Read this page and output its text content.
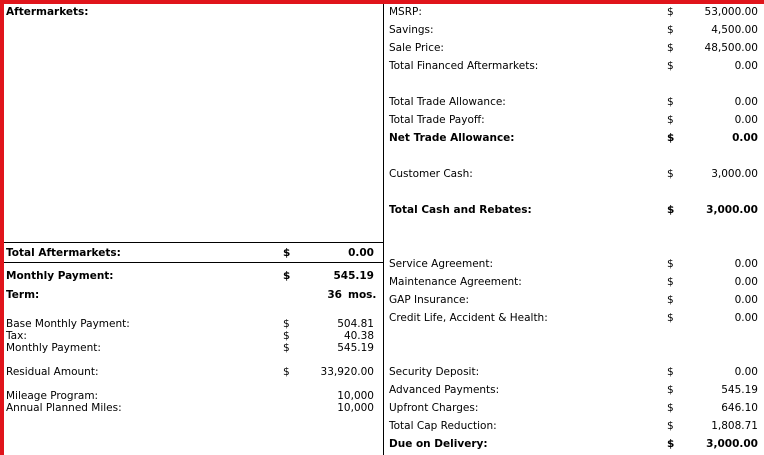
Aftermarkets:
Total Aftermarkets:	$	0.00
Monthly Payment:	$	545.19
Term:	36 mos.
Base Monthly Payment:	$	504.81
Tax:	$	40.38
Monthly Payment:	$	545.19
Residual Amount:	$	33,920.00
Mileage Program:	10,000
Annual Planned Miles:	10,000
MSRP:	$	53,000.00
Savings:	$	4,500.00
Sale Price:	$	48,500.00
Total Financed Aftermarkets:	$	0.00
Total Trade Allowance:	$	0.00
Total Trade Payoff:	$	0.00
Net Trade Allowance:	$	0.00
Customer Cash:	$	3,000.00
Total Cash and Rebates:	$	3,000.00
Service Agreement:	$	0.00
Maintenance Agreement:	$	0.00
GAP Insurance:	$	0.00
Credit Life, Accident & Health:	$	0.00
Security Deposit:	$	0.00
Advanced Payments:	$	545.19
Upfront Charges:	$	646.10
Total Cap Reduction:	$	1,808.71
Due on Delivery:	$	3,000.00
